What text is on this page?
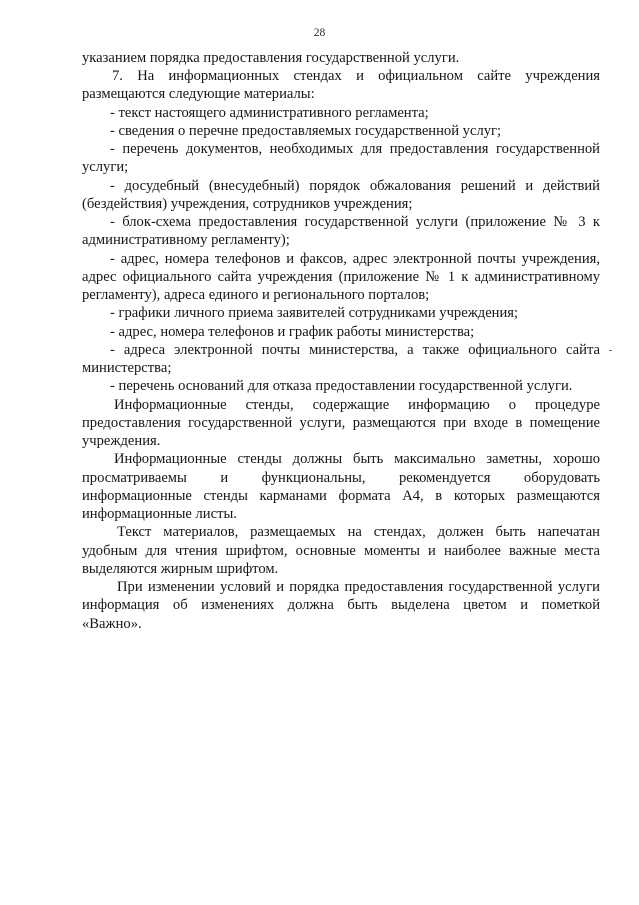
28
указанием порядка предоставления государственной услуги.
7. На информационных стендах и официальном сайте учреждения
размещаются следующие материалы:
- текст настоящего административного регламента;
- сведения о перечне предоставляемых государственной услуг;
- перечень документов, необходимых для предоставления государственной
услуги;
- досудебный (внесудебный) порядок обжалования решений и действий
(бездействия) учреждения, сотрудников учреждения;
- блок-схема предоставления государственной услуги (приложение № 3 к
административному регламенту);
- адрес, номера телефонов и факсов, адрес электронной почты учреждения,
адрес официального сайта учреждения (приложение № 1 к административному
регламенту), адреса единого и регионального порталов;
- графики личного приема заявителей сотрудниками учреждения;
- адрес, номера телефонов и график работы министерства;
- адреса электронной почты министерства, а также официального сайта
министерства;
- перечень оснований для отказа предоставлении государственной услуги.
Информационные стенды, содержащие информацию о процедуре
предоставления государственной услуги, размещаются при входе в помещение
учреждения.
Информационные стенды должны быть максимально заметны, хорошо
просматриваемы и функциональны, рекомендуется оборудовать
информационные стенды карманами формата А4, в которых размещаются
информационные листы.
Текст материалов, размещаемых на стендах, должен быть напечатан
удобным для чтения шрифтом, основные моменты и наиболее важные места
выделяются жирным шрифтом.
При изменении условий и порядка предоставления государственной услуги
информация об изменениях должна быть выделена цветом и пометкой
«Важно».
